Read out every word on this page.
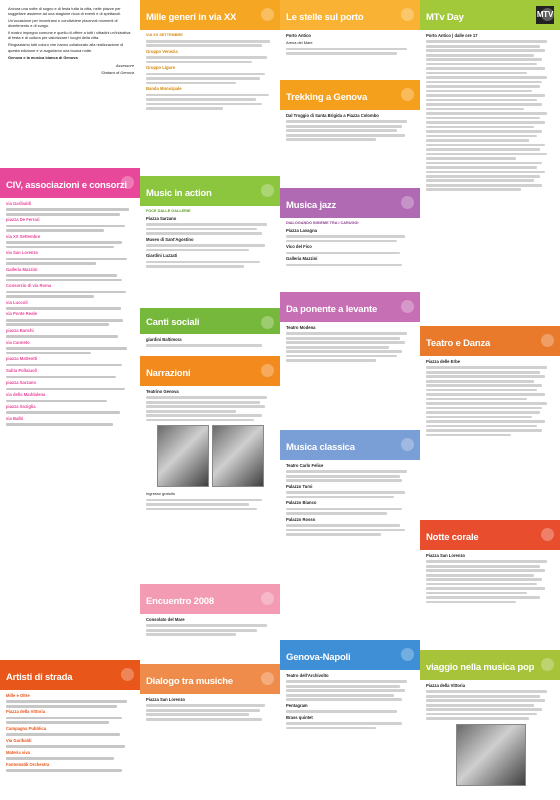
Ancora una notte di sogno e di festa tutta la citta, nelle piazze per suggellare assieme ad una stagione ricca di eventi e di spettacoli.

Un'occasione per incontrarsi e condividere piacevoli momenti di divertimento e di svago.

Il nostro impegno comune e quello di offrire a tutti i cittadini un'iniziativa di festa e di cultura per valorizzare i luoghi della citta.

Ringraziamo tutti coloro che hanno collaborato alla realizzazione di questa edizione e vi auguriamo una buona notte.

Genova e la musica bianca di Genova

Assessore

Sindaco di Genova

CIV, associazioni e consorzi

via Garibaldi

piazza De Ferrari

via XX Settembre

via San Lorenzo

Galleria Mazzini

Consorzio di via Roma

via Luccoli

via Ponte Reale

piazza Banchi

via Canneto

piazza Matteotti

Salita Pollaiuoli

piazza Sarzano

via della Maddalena

piazza Soziglia

via Balbi

Artisti di strada

Mille e Oltre

Piazza della Vittoria

Campagna Pubblica

Via Garibaldi

Materia viva

Fantomatik Orchestra

Mille generi in via XX

VIA XX SETTEMBRE

Gruppo Venezia

Gruppo Ligure

Banda Municipale

Music in action

FOCE DALLE GALLERIE

Piazza Sarzano

Museo di Sant'Agostino

Giardini Luzzati

Canti sociali

giardini Baltimora

Narrazioni

Teatrino Genova

Ingresso gratuito

Encuentro 2008

Consolato del Mare

Dialogo tra musiche

Piazza San Lorenzo

Le stelle sul porto

Porto Antico

Arena del Mare

Trekking a Genova

Dal Troggio di Santa Brigida a Piazza Colombo

Musica jazz

DIALOGANDO INSIEME TRA I CARUGGI

Piazza Lavagna

Vico del Fico

Galleria Mazzini

Da ponente a levante

Teatro Modena

Musica classica

Teatro Carlo Felice

Palazzo Tursi

Palazzo Bianco

Palazzo Rosso

Genova-Napoli

Teatro dell'Archivolto

Pentagram

Brass quintet

MTv Day	MTV

Porto Antico | dalle ore 17

Teatro e Danza

Piazza delle Erbe

Notte corale

Piazza San Lorenzo

viaggio nella musica pop

Piazza della Vittoria
